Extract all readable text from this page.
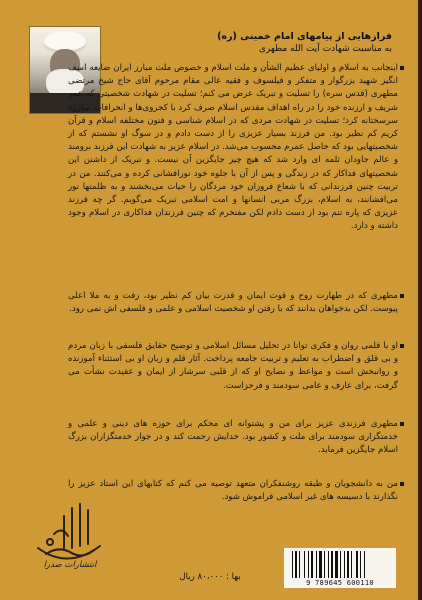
فرازهایی از پیامهای امام خمینی (ره)
به مناسبت شهادت آیت الله مطهری
اینجانب به اسلام و اولیای عظیم الشأن و ملت اسلام و خصوص ملت مبارز ایران ضایعه اسف انگیز شهید بزرگوار و متفکر و فیلسوف و فقیه عالی مقام مرحوم آقای حاج شیخ مرتضی مطهری (قدس سره) را تسلیت و تبریک عرض می کنم؛ تسلیت در شهادت شخصیتی که عمر شریف و ارزنده خود را در راه اهداف مقدس اسلام صرف کرد با کجروی‌ها و انحرافات مبارزه سرسختانه کرد؛ تسلیت در شهادت مردی که در اسلام شناسی و فنون مختلفه اسلام و قرآن کریم کم نظیر بود. من فرزند بسیار عزیزی را از دست دادم و در سوگ او نشستم که از شخصیتهایی بود که حاصل عمرم محسوب می‌شد. در اسلام عزیز به شهادت این فرزند برومند و عالم جاودان ثلمه ای وارد شد که هیچ چیز جایگزین آن نیست. و تبریک از داشتن این شخصیتهای فداکار که در زندگی و پس از آن با جلوه خود نورافشانی کرده و می‌کنند. من در تربیت چنین فرزندانی که با شعاع فروزان خود مردگان را حیات می‌بخشند و به ظلمتها نور می‌افشانند، به اسلام، بزرگ مربی انسانها و امت اسلامی تبریک می‌گویم. گر چه فرزند عزیزی که پاره تنم بود از دست دادم لکن مفتخرم که چنین فرزندان فداکاری در اسلام وجود داشته و دارد.
مطهری که در طهارت روح و قوت ایمان و قدرت بیان کم نظیر بود، رفت و به ملا اعلی پیوست. لکن بدخواهان بدانند که با رفتن او شخصیت اسلامی و علمی و فلسفی اش نمی رود.
او با قلمی روان و فکری توانا در تحلیل مسائل اسلامی و توضیح حقایق فلسفی با زبان مردم و بی قلق و اضطراب به تعلیم و تربیت جامعه پرداخت. آثار قلم و زبان او بی استثناء آموزنده و روانبخش است و مواعظ و نصایح او که از قلبی سرشار از ایمان و عقیدت نشأت می گرفت، برای عارف و عامی سودمند و فرحزاست.
مطهری فرزندی عزیز برای من و پشتوانه ای محکم برای حوزه های دینی و علمی و خدمتگزاری سودمند برای ملت و کشور بود. خدایش رحمت کند و در جوار خدمتگزاران بزرگ اسلام جایگزین فرماید.
من به دانشجویان و طبقه روشنفکران متعهد توصیه می کنم که کتابهای این استاد عزیز را نگذارند با دسیسه های غیر اسلامی فراموش شود.
انتشارات صدرا
بها : ۸۰،۰۰۰ ریال
9 789645 600110
